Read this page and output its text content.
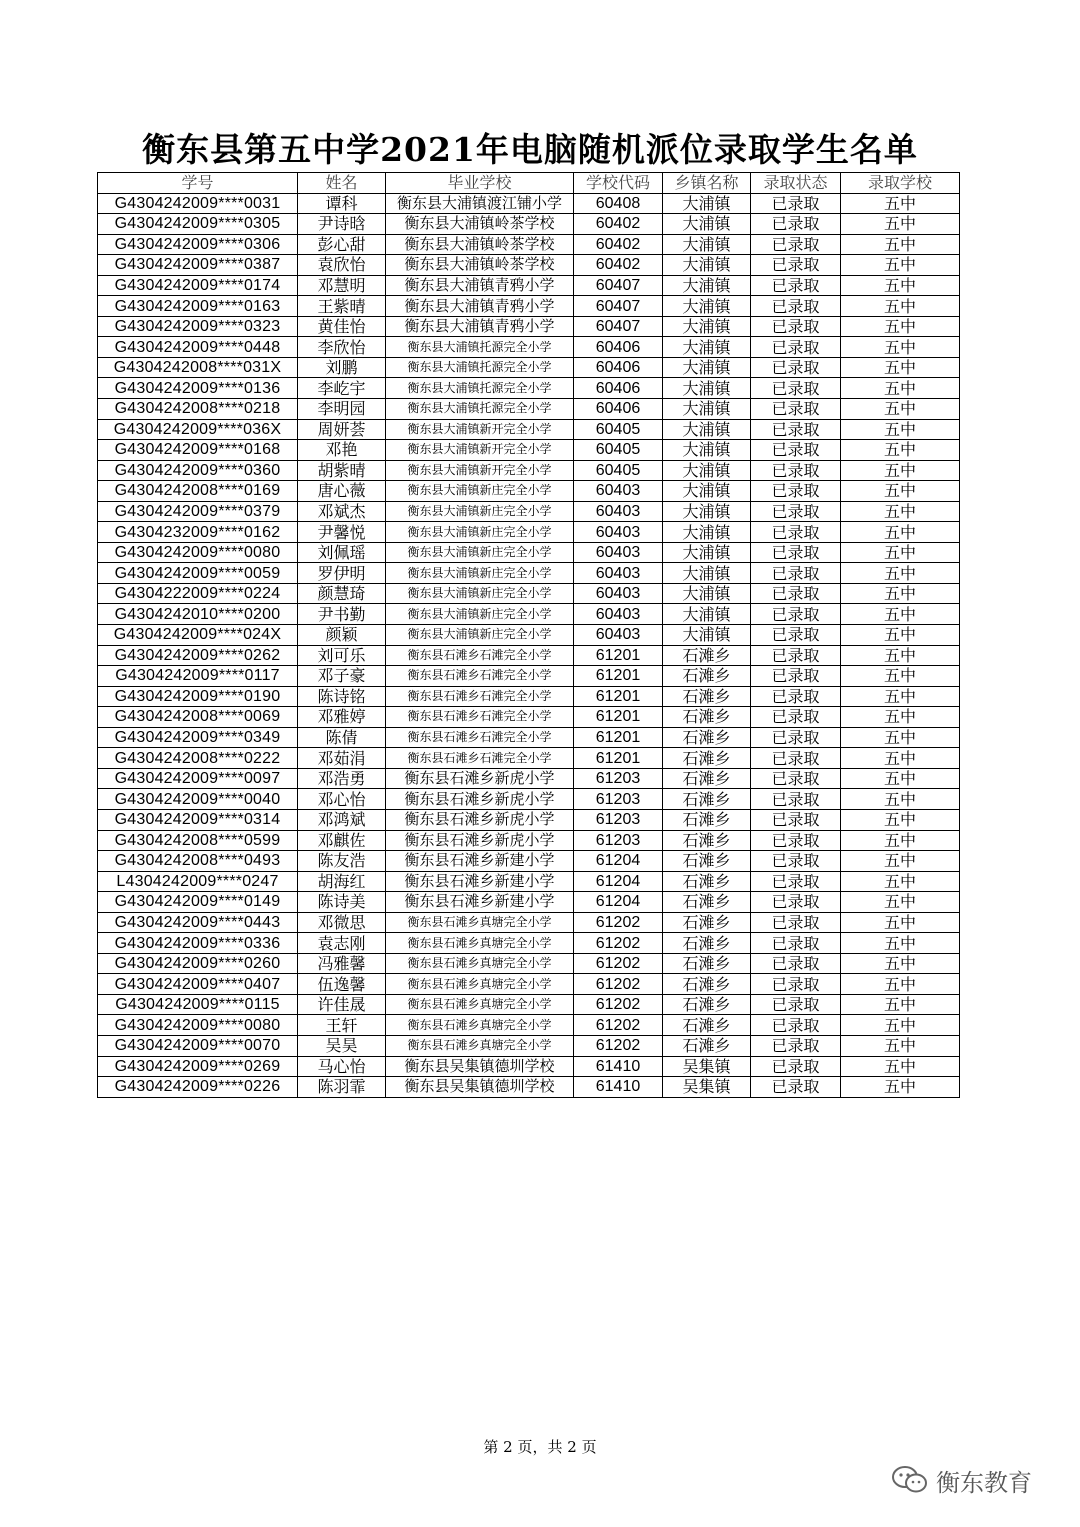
衡东县第五中学2021年电脑随机派位录取学生名单
学号	姓名	毕业学校	学校代码	乡镇名称	录取状态	录取学校
G4304242009****0031	谭科	衡东县大浦镇渡江铺小学	60408	大浦镇	已录取	五中
G4304242009****0305	尹诗晗	衡东县大浦镇岭茶学校	60402	大浦镇	已录取	五中
G4304242009****0306	彭心甜	衡东县大浦镇岭茶学校	60402	大浦镇	已录取	五中
G4304242009****0387	袁欣怡	衡东县大浦镇岭茶学校	60402	大浦镇	已录取	五中
G4304242009****0174	邓慧明	衡东县大浦镇青鸦小学	60407	大浦镇	已录取	五中
G4304242009****0163	王紫晴	衡东县大浦镇青鸦小学	60407	大浦镇	已录取	五中
G4304242009****0323	黄佳怡	衡东县大浦镇青鸦小学	60407	大浦镇	已录取	五中
G4304242009****0448	李欣怡	衡东县大浦镇托源完全小学	60406	大浦镇	已录取	五中
G4304242008****031X	刘鹏	衡东县大浦镇托源完全小学	60406	大浦镇	已录取	五中
G4304242009****0136	李屹宇	衡东县大浦镇托源完全小学	60406	大浦镇	已录取	五中
G4304242008****0218	李明园	衡东县大浦镇托源完全小学	60406	大浦镇	已录取	五中
G4304242009****036X	周妍荟	衡东县大浦镇新开完全小学	60405	大浦镇	已录取	五中
G4304242009****0168	邓艳	衡东县大浦镇新开完全小学	60405	大浦镇	已录取	五中
G4304242009****0360	胡紫晴	衡东县大浦镇新开完全小学	60405	大浦镇	已录取	五中
G4304242008****0169	唐心薇	衡东县大浦镇新庄完全小学	60403	大浦镇	已录取	五中
G4304242009****0379	邓斌杰	衡东县大浦镇新庄完全小学	60403	大浦镇	已录取	五中
G4304232009****0162	尹馨悦	衡东县大浦镇新庄完全小学	60403	大浦镇	已录取	五中
G4304242009****0080	刘佩瑶	衡东县大浦镇新庄完全小学	60403	大浦镇	已录取	五中
G4304242009****0059	罗伊明	衡东县大浦镇新庄完全小学	60403	大浦镇	已录取	五中
G4304222009****0224	颜慧琦	衡东县大浦镇新庄完全小学	60403	大浦镇	已录取	五中
G4304242010****0200	尹书勤	衡东县大浦镇新庄完全小学	60403	大浦镇	已录取	五中
G4304242009****024X	颜颖	衡东县大浦镇新庄完全小学	60403	大浦镇	已录取	五中
G4304242009****0262	刘可乐	衡东县石滩乡石滩完全小学	61201	石滩乡	已录取	五中
G4304242009****0117	邓子豪	衡东县石滩乡石滩完全小学	61201	石滩乡	已录取	五中
G4304242009****0190	陈诗铭	衡东县石滩乡石滩完全小学	61201	石滩乡	已录取	五中
G4304242008****0069	邓雅婷	衡东县石滩乡石滩完全小学	61201	石滩乡	已录取	五中
G4304242009****0349	陈倩	衡东县石滩乡石滩完全小学	61201	石滩乡	已录取	五中
G4304242008****0222	邓茹涓	衡东县石滩乡石滩完全小学	61201	石滩乡	已录取	五中
G4304242009****0097	邓浩勇	衡东县石滩乡新虎小学	61203	石滩乡	已录取	五中
G4304242009****0040	邓心怡	衡东县石滩乡新虎小学	61203	石滩乡	已录取	五中
G4304242009****0314	邓鸿斌	衡东县石滩乡新虎小学	61203	石滩乡	已录取	五中
G4304242008****0599	邓麒佐	衡东县石滩乡新虎小学	61203	石滩乡	已录取	五中
G4304242008****0493	陈友浩	衡东县石滩乡新建小学	61204	石滩乡	已录取	五中
L4304242009****0247	胡海红	衡东县石滩乡新建小学	61204	石滩乡	已录取	五中
G4304242009****0149	陈诗美	衡东县石滩乡新建小学	61204	石滩乡	已录取	五中
G4304242009****0443	邓微思	衡东县石滩乡真塘完全小学	61202	石滩乡	已录取	五中
G4304242009****0336	袁志刚	衡东县石滩乡真塘完全小学	61202	石滩乡	已录取	五中
G4304242009****0260	冯雅馨	衡东县石滩乡真塘完全小学	61202	石滩乡	已录取	五中
G4304242009****0407	伍逸馨	衡东县石滩乡真塘完全小学	61202	石滩乡	已录取	五中
G4304242009****0115	许佳晟	衡东县石滩乡真塘完全小学	61202	石滩乡	已录取	五中
G4304242009****0080	王轩	衡东县石滩乡真塘完全小学	61202	石滩乡	已录取	五中
G4304242009****0070	吴昊	衡东县石滩乡真塘完全小学	61202	石滩乡	已录取	五中
G4304242009****0269	马心怡	衡东县吴集镇德圳学校	61410	吴集镇	已录取	五中
G4304242009****0226	陈羽霏	衡东县吴集镇德圳学校	61410	吴集镇	已录取	五中
第 2 页，共 2 页
衡东教育
